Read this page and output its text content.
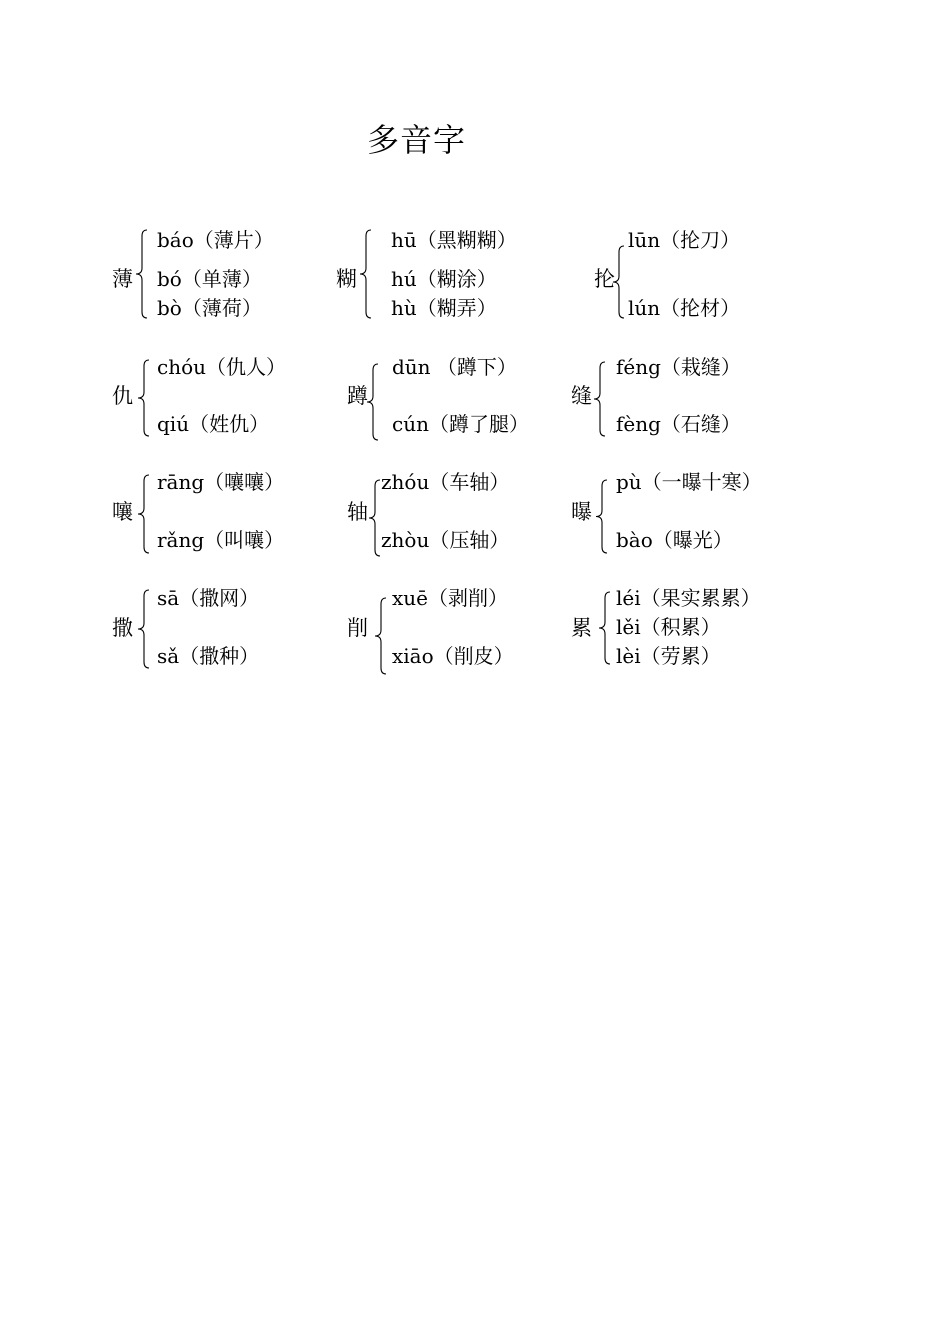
多音字
薄
báo（薄片）
bó（单薄）
bò（薄荷）
糊
hū（黑糊糊）
hú（糊涂）
hù（糊弄）
抡
lūn（抡刀）
lún（抡材）
仇
chóu（仇人）
qiú（姓仇）
蹲
dūn （蹲下）
cún（蹲了腿）
缝
féng（栽缝）
fèng（石缝）
嚷
rāng（嚷嚷）
rǎng（叫嚷）
轴
zhóu（车轴）
zhòu（压轴）
曝
pù（一曝十寒）
bào（曝光）
撒
sā（撒网）
sǎ（撒种）
削
xuē（剥削）
xiāo（削皮）
累
léi（果实累累）
lěi（积累）
lèi（劳累）
